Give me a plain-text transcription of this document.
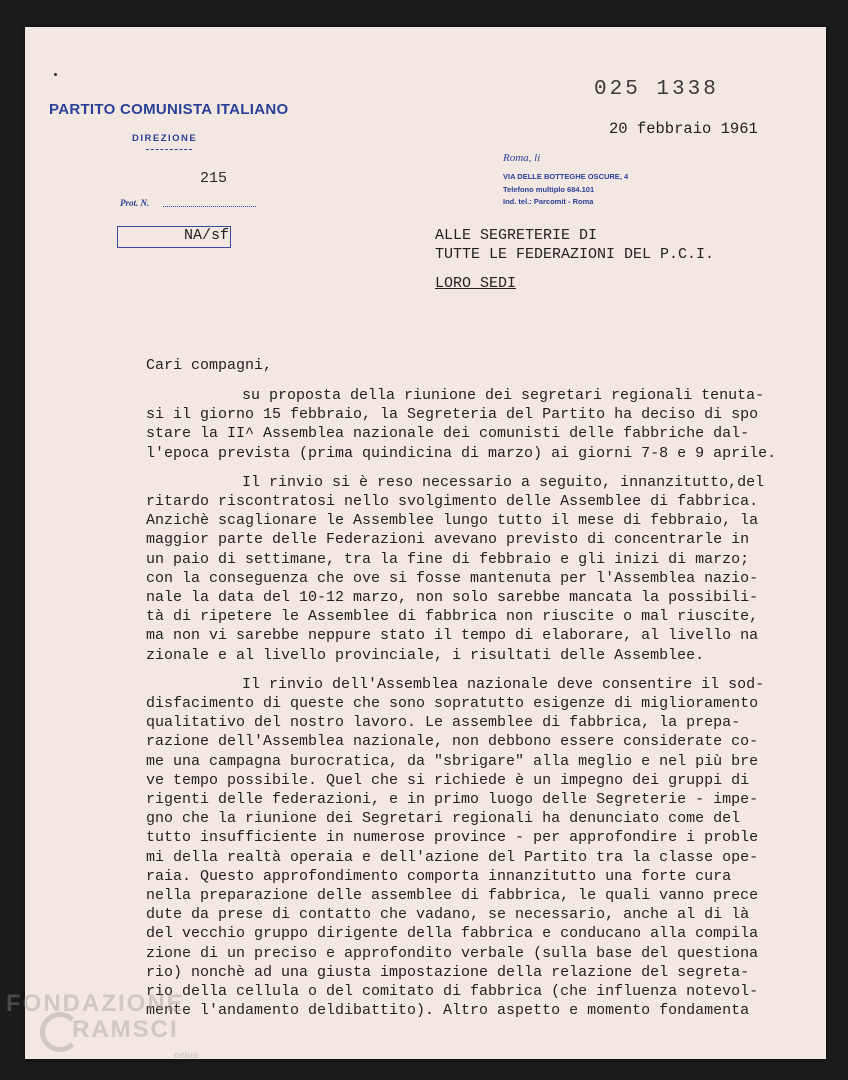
PARTITO COMUNISTA ITALIANO
DIREZIONE
215
Prot. N.
NA/sf
025 1338
20 febbraio 1961
Roma, li
VIA DELLE BOTTEGHE OSCURE, 4
Telefono multiplo 684.101
Ind. tel.: Parcomit - Roma
ALLE SEGRETERIE DI
TUTTE LE FEDERAZIONI DEL P.C.I.
LORO SEDI
Cari compagni,
su proposta della riunione dei segretari regionali tenuta-
si il giorno 15 febbraio, la Segreteria del Partito ha deciso di spo
stare la II^ Assemblea nazionale dei comunisti delle fabbriche dal-
l'epoca prevista (prima quindicina di marzo) ai giorni 7-8 e 9 aprile.
Il rinvio si è reso necessario a seguito, innanzitutto,del
ritardo riscontratosi nello svolgimento delle Assemblee di fabbrica.
Anzichè scaglionare le Assemblee lungo tutto il mese di febbraio, la
maggior parte delle Federazioni avevano previsto di concentrarle in
un paio di settimane, tra la fine di febbraio e gli inizi di marzo;
con la conseguenza che ove si fosse mantenuta per l'Assemblea nazio-
nale la data del 10-12 marzo, non solo sarebbe mancata la possibili-
tà di ripetere le Assemblee di fabbrica non riuscite o mal riuscite,
ma non vi sarebbe neppure stato il tempo di elaborare, al livello na
zionale e al livello provinciale, i risultati delle Assemblee.
Il rinvio dell'Assemblea nazionale deve consentire il sod-
disfacimento di queste che sono sopratutto esigenze di miglioramento
qualitativo del nostro lavoro. Le assemblee di fabbrica, la prepa-
razione dell'Assemblea nazionale, non debbono essere considerate co-
me una campagna burocratica, da "sbrigare" alla meglio e nel più bre
ve tempo possibile. Quel che si richiede è un impegno dei gruppi di
rigenti delle federazioni, e in primo luogo delle Segreterie - impe-
gno che la riunione dei Segretari regionali ha denunciato come del
tutto insufficiente in numerose province - per approfondire i proble
mi della realtà operaia e dell'azione del Partito tra la classe ope-
raia. Questo approfondimento comporta innanzitutto una forte cura
nella preparazione delle assemblee di fabbrica, le quali vanno prece
dute da prese di contatto che vadano, se necessario, anche al di là
del vecchio gruppo dirigente della fabbrica e conducano alla compila
zione di un preciso e approfondito verbale (sulla base del questiona
rio) nonchè ad una giusta impostazione della relazione del segreta-
rio della cellula o del comitato di fabbrica (che influenza notevol-
mente l'andamento deldibattito). Altro aspetto e momento fondamenta
FONDAZIONE
RAMSCI
onlus
